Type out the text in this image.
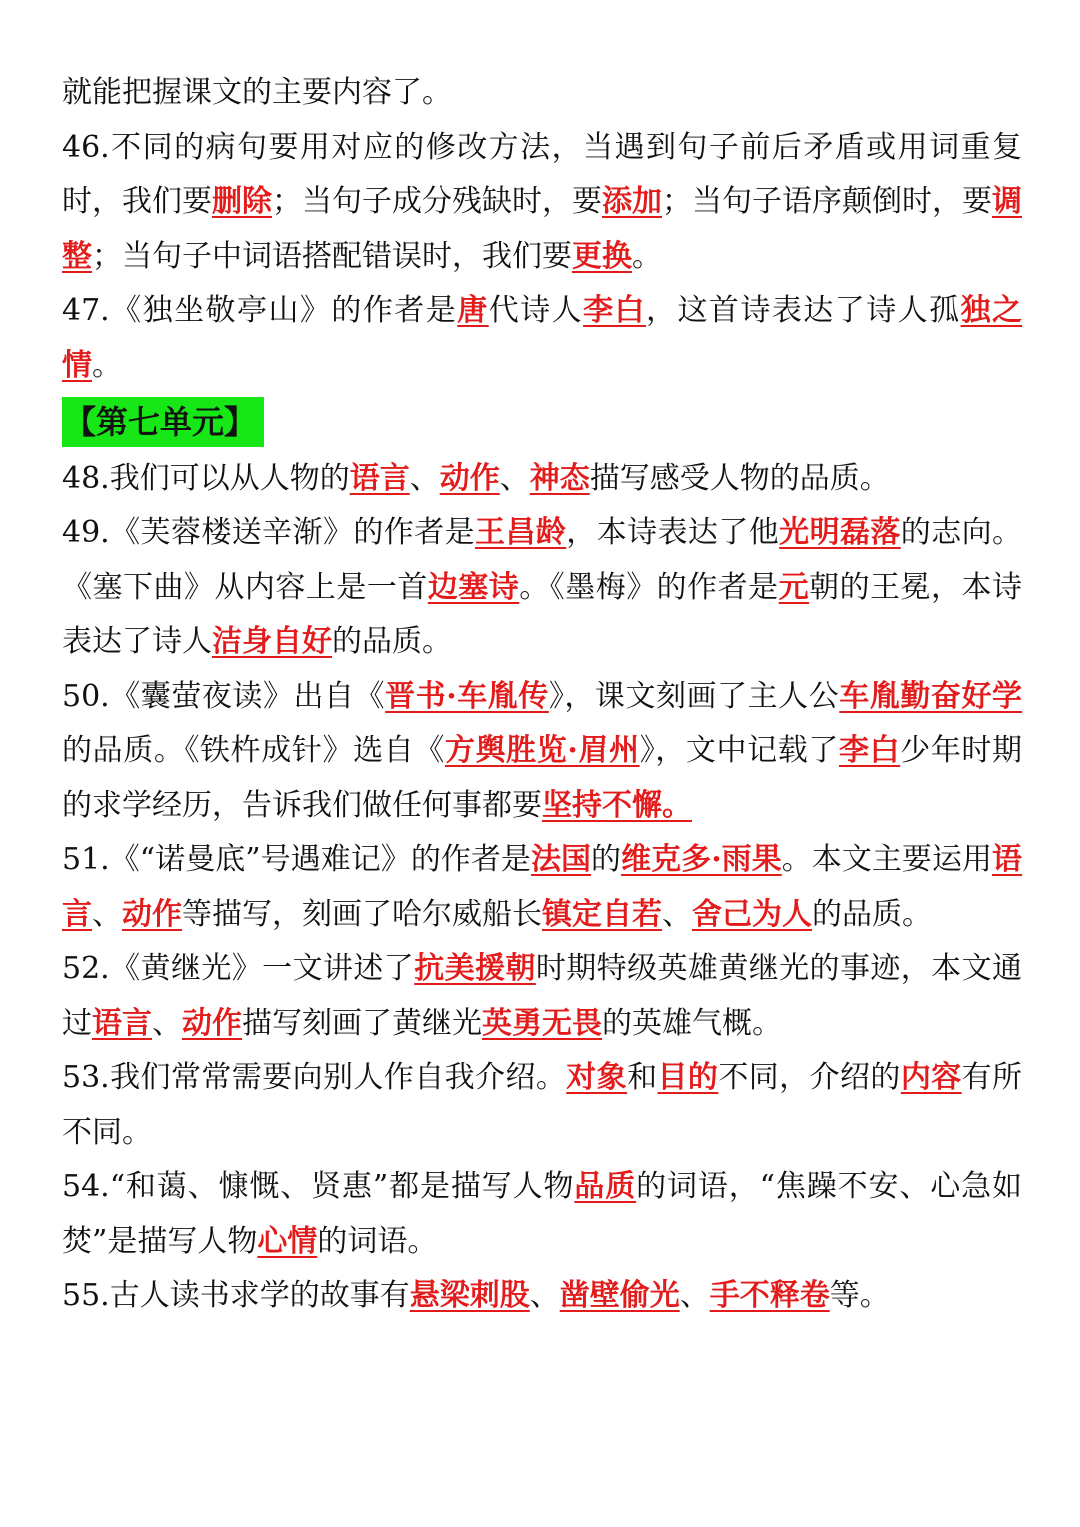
就能把握课文的主要内容了。

46.不同的病句要用对应的修改方法，当遇到句子前后矛盾或用词重复时，我们要删除；当句子成分残缺时，要添加；当句子语序颠倒时，要调整；当句子中词语搭配错误时，我们要更换。

47.《独坐敬亭山》的作者是唐代诗人李白，这首诗表达了诗人孤独之情。

【第七单元】

48.我们可以从人物的语言、动作、神态描写感受人物的品质。

49.《芙蓉楼送辛渐》的作者是王昌龄，本诗表达了他光明磊落的志向。《塞下曲》从内容上是一首边塞诗。《墨梅》的作者是元朝的王冕，本诗表达了诗人洁身自好的品质。

50.《囊萤夜读》出自《晋书·车胤传》，课文刻画了主人公车胤勤奋好学的品质。《铁杵成针》选自《方舆胜览·眉州》，文中记载了李白少年时期的求学经历，告诉我们做任何事都要坚持不懈。

51.《“诺曼底”号遇难记》的作者是法国的维克多·雨果。本文主要运用语言、动作等描写，刻画了哈尔威船长镇定自若、舍己为人的品质。

52.《黄继光》一文讲述了抗美援朝时期特级英雄黄继光的事迹，本文通过语言、动作描写刻画了黄继光英勇无畏的英雄气概。

53.我们常常需要向别人作自我介绍。对象和目的不同，介绍的内容有所不同。

54.“和蔼、慷慨、贤惠”都是描写人物品质的词语，“焦躁不安、心急如焚”是描写人物心情的词语。

55.古人读书求学的故事有悬梁刺股、凿壁偷光、手不释卷等。
